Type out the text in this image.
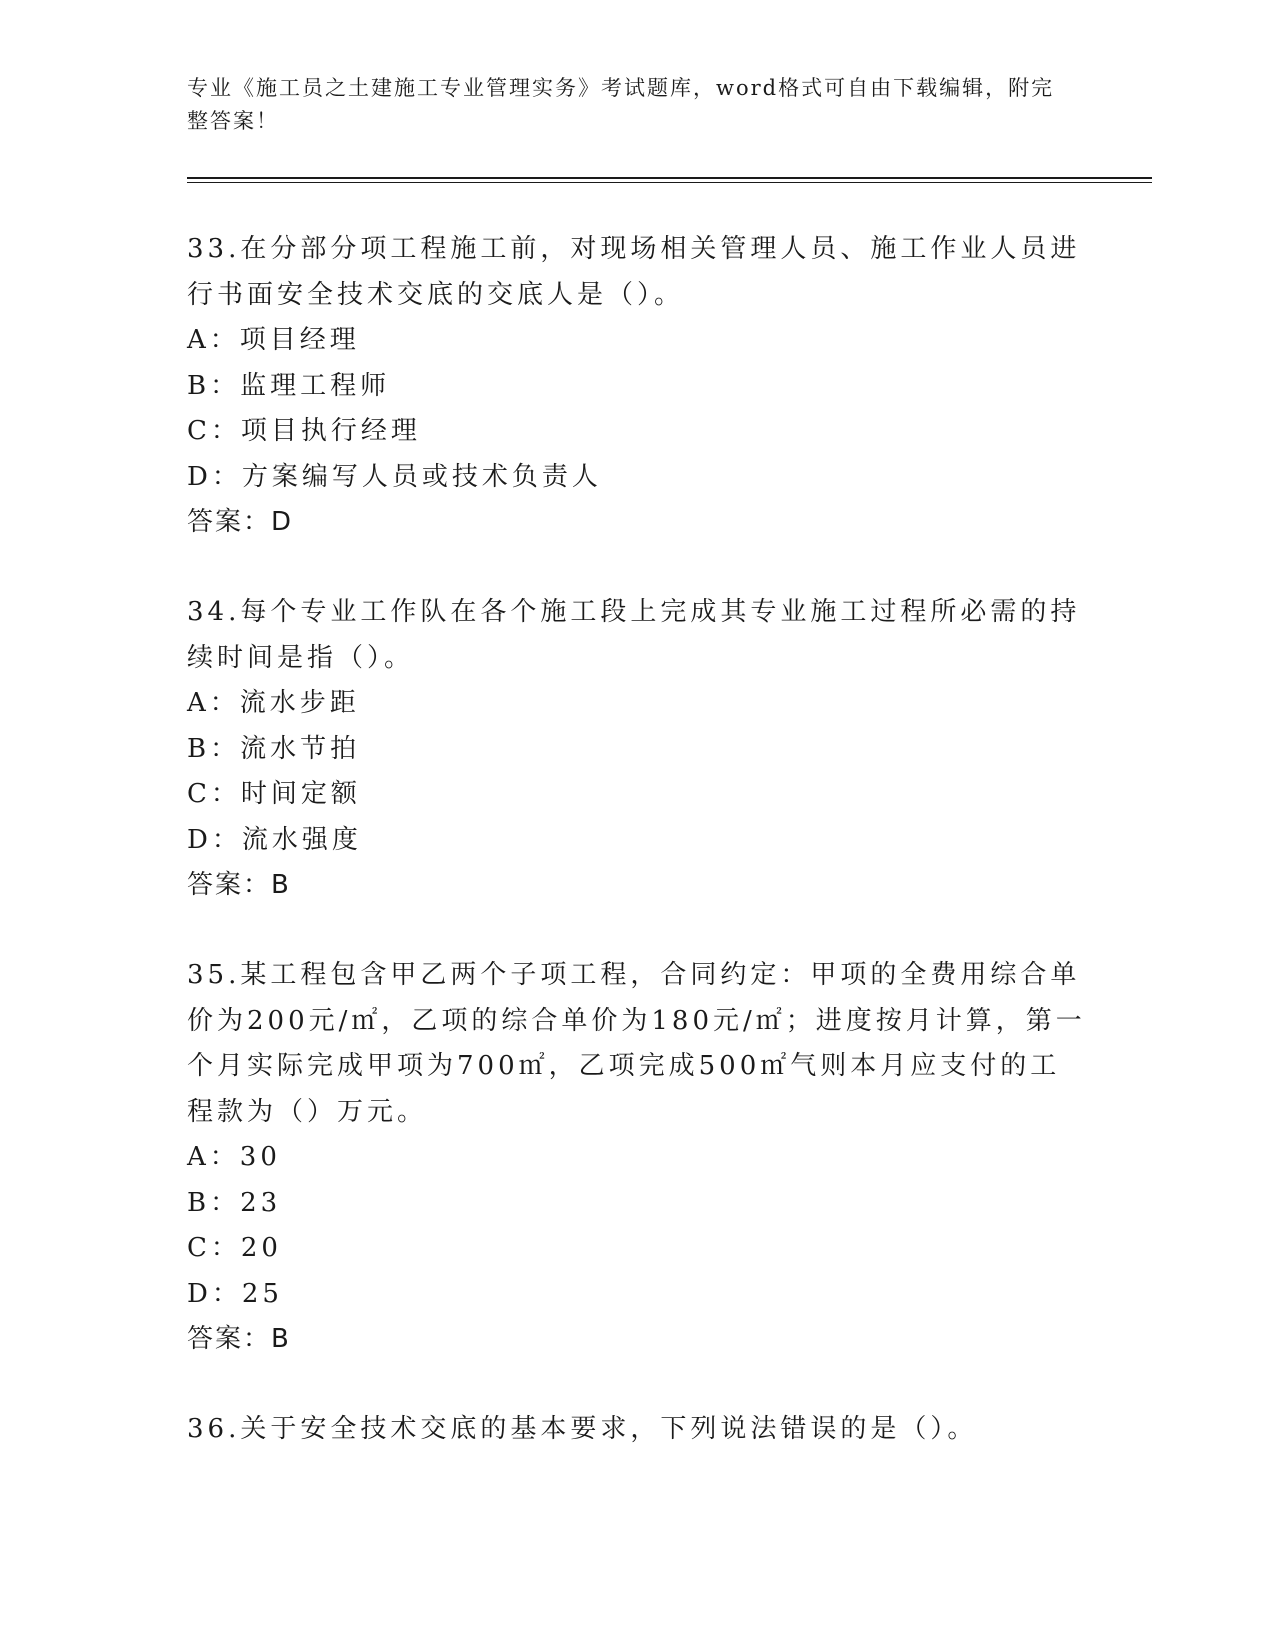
专业《施工员之土建施工专业管理实务》考试题库，word格式可自由下载编辑，附完整答案！
33.在分部分项工程施工前，对现场相关管理人员、施工作业人员进行书面安全技术交底的交底人是（）。
A：项目经理
B：监理工程师
C：项目执行经理
D：方案编写人员或技术负责人
答案：D
34.每个专业工作队在各个施工段上完成其专业施工过程所必需的持续时间是指（）。
A：流水步距
B：流水节拍
C：时间定额
D：流水强度
答案：B
35.某工程包含甲乙两个子项工程，合同约定：甲项的全费用综合单价为200元/㎡，乙项的综合单价为180元/㎡；进度按月计算，第一个月实际完成甲项为700㎡，乙项完成500㎡气则本月应支付的工程款为（）万元。
A：30
B：23
C：20
D：25
答案：B
36.关于安全技术交底的基本要求，下列说法错误的是（）。
